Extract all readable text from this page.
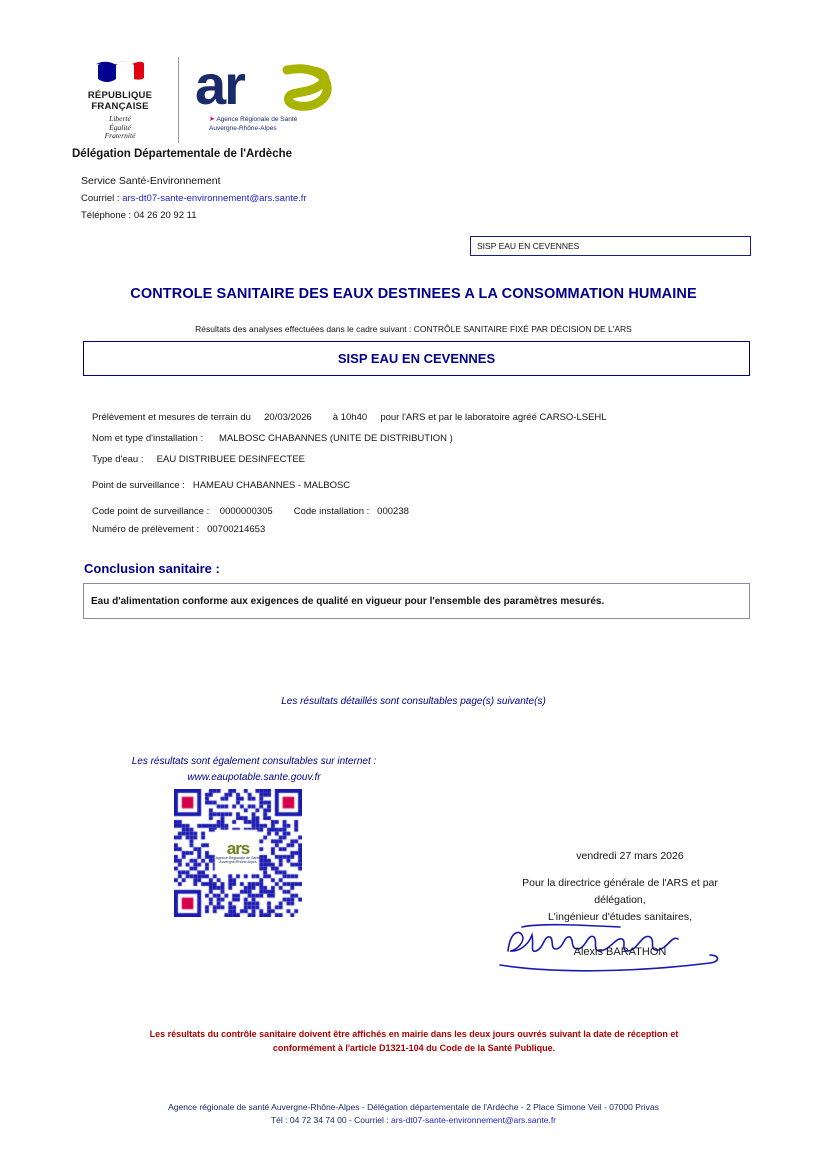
RÉPUBLIQUE
FRANÇAISE
Liberté
Égalité
Fraternité
ar
➤ Agence Régionale de Santé
Auvergne-Rhône-Alpes
Délégation Départementale de l'Ardèche
Service Santé-Environnement
Courriel : ars-dt07-sante-environnement@ars.sante.fr
Téléphone : 04 26 20 92 11
SISP EAU EN CEVENNES
CONTROLE SANITAIRE DES EAUX DESTINEES A LA CONSOMMATION HUMAINE
Résultats des analyses effectuées dans le cadre suivant : CONTRÔLE SANITAIRE FIXÉ PAR DÉCISION DE L'ARS
SISP EAU EN CEVENNES
Prélèvement et mesures de terrain du     20/03/2026        à 10h40     pour l'ARS et par le laboratoire agréé CARSO-LSEHL
Nom et type d'installation :      MALBOSC CHABANNES (UNITE DE DISTRIBUTION )
Type d'eau :     EAU DISTRIBUEE DESINFECTEE
Point de surveillance :   HAMEAU CHABANNES - MALBOSC
Code point de surveillance :    0000000305        Code installation :   000238
Numéro de prélèvement :   00700214653
Conclusion sanitaire :
Eau d'alimentation conforme aux exigences de qualité en vigueur pour l'ensemble des paramètres mesurés.
Les résultats détaillés sont consultables page(s) suivante(s)
Les résultats sont également consultables sur internet :
www.eaupotable.sante.gouv.fr
ars
Agence Régionale de Santé
Auvergne-Rhône-Alpes
vendredi 27 mars 2026
Pour la directrice générale de l'ARS et par
délégation,
L'ingénieur d'études sanitaires,
Alexis BARATHON
Les résultats du contrôle sanitaire doivent être affichés en mairie dans les deux jours ouvrés suivant la date de réception et
conformément à l'article D1321-104 du Code de la Santé Publique.
Agence régionale de santé Auvergne-Rhône-Alpes - Délégation départementale de l'Ardèche - 2 Place Simone Veil - 07000 Privas
Tél : 04 72 34 74 00 - Courriel : ars-dt07-sante-environnement@ars.sante.fr
